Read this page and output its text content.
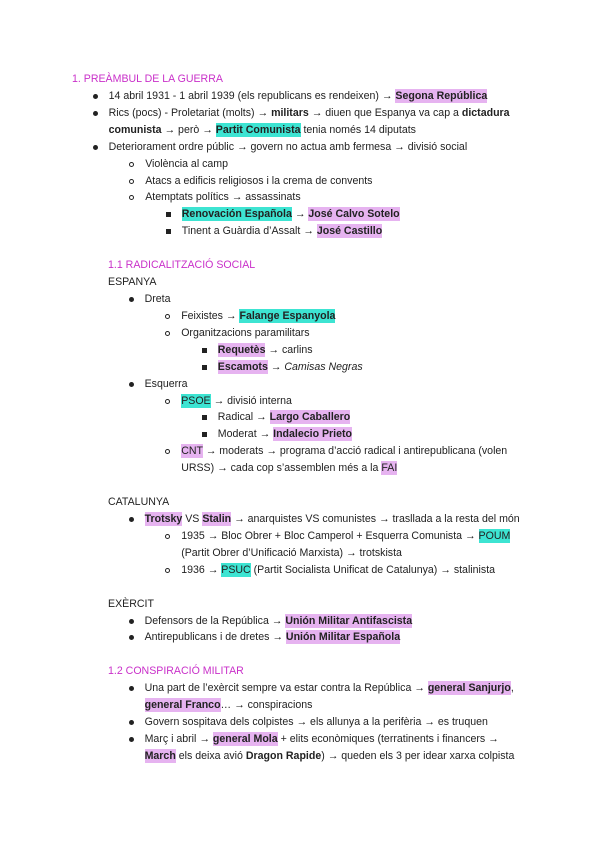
1. PREÀMBUL DE LA GUERRA
14 abril 1931 - 1 abril 1939 (els republicans es rendeixen) → Segona República
Rics (pocs) - Proletariat (molts) → militars → diuen que Espanya va cap a dictadura
comunista → però → Partit Comunista tenia només 14 diputats
Deteriorament ordre públic → govern no actua amb fermesa → divisió social
Violència al camp
Atacs a edificis religiosos i la crema de convents
Atemptats polítics → assassinats
Renovación Española → José Calvo Sotelo
Tinent a Guàrdia d’Assalt → José Castillo
1.1 RADICALITZACIÓ SOCIAL
ESPANYA
Dreta
Feixistes → Falange Espanyola
Organitzacions paramilitars
Requetès → carlins
Escamots → Camisas Negras
Esquerra
PSOE → divisió interna
Radical → Largo Caballero
Moderat → Indalecio Prieto
CNT → moderats → programa d’acció radical i antirepublicana (volen
URSS) → cada cop s’assemblen més a la FAI
CATALUNYA
Trotsky VS Stalin → anarquistes VS comunistes → trasllada a la resta del món
1935 → Bloc Obrer + Bloc Camperol + Esquerra Comunista → POUM
(Partit Obrer d’Unificació Marxista) → trotskista
1936 → PSUC (Partit Socialista Unificat de Catalunya) → stalinista
EXÈRCIT
Defensors de la República → Unión Militar Antifascista
Antirepublicans i de dretes → Unión Militar Española
1.2 CONSPIRACIÓ MILITAR
Una part de l’exèrcit sempre va estar contra la República → general Sanjurjo,
general Franco… → conspiracions
Govern sospitava dels colpistes → els allunya a la perifèria → es truquen
Març i abril → general Mola + elits econòmiques (terratinents i financers →
March els deixa avió Dragon Rapide) → queden els 3 per idear xarxa colpista
